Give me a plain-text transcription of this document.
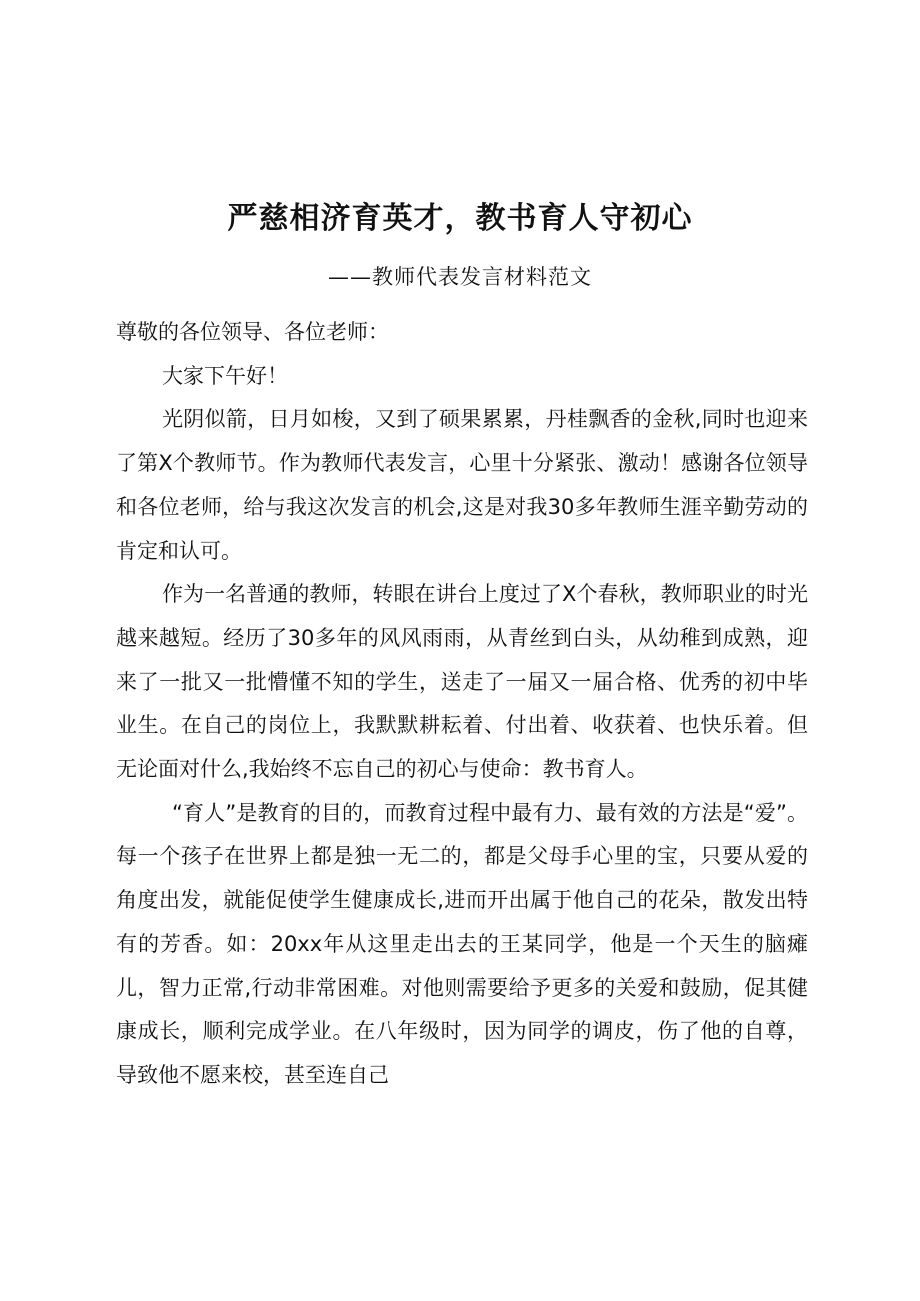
严慈相济育英才，教书育人守初心
——教师代表发言材料范文

尊敬的各位领导、各位老师：

大家下午好！

光阴似箭，日月如梭，又到了硕果累累，丹桂飘香的金秋,同时也迎来了第X个教师节。作为教师代表发言，心里十分紧张、激动！感谢各位领导和各位老师，给与我这次发言的机会,这是对我30多年教师生涯辛勤劳动的肯定和认可。

作为一名普通的教师，转眼在讲台上度过了X个春秋，教师职业的时光越来越短。经历了30多年的风风雨雨，从青丝到白头，从幼稚到成熟，迎来了一批又一批懵懂不知的学生，送走了一届又一届合格、优秀的初中毕业生。在自己的岗位上，我默默耕耘着、付出着、收获着、也快乐着。但无论面对什么,我始终不忘自己的初心与使命：教书育人。

“育人”是教育的目的，而教育过程中最有力、最有效的方法是“爱”。每一个孩子在世界上都是独一无二的，都是父母手心里的宝，只要从爱的角度出发，就能促使学生健康成长,进而开出属于他自己的花朵，散发出特有的芳香。如：20xx年从这里走出去的王某同学，他是一个天生的脑瘫儿，智力正常,行动非常困难。对他则需要给予更多的关爱和鼓励，促其健康成长，顺利完成学业。在八年级时，因为同学的调皮，伤了他的自尊，导致他不愿来校，甚至连自己
